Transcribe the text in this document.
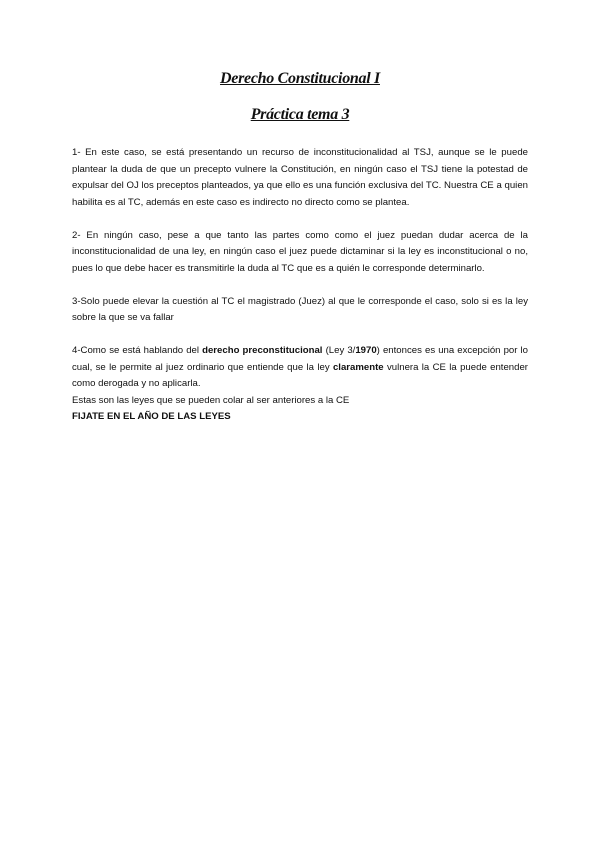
Derecho Constitucional I
Práctica tema 3

1- En este caso, se está presentando un recurso de inconstitucionalidad al TSJ, aunque se le puede plantear la duda de que un precepto vulnere la Constitución, en ningún caso el TSJ tiene la potestad de expulsar del OJ los preceptos planteados, ya que ello es una función exclusiva del TC. Nuestra CE a quien habilita es al TC, además en este caso es indirecto no directo como se plantea.

2- En ningún caso, pese a que tanto las partes como como el juez puedan dudar acerca de la inconstitucionalidad de una ley, en ningún caso el juez puede dictaminar si la ley es inconstitucional o no, pues lo que debe hacer es transmitirle la duda al TC que es a quién le corresponde determinarlo.

3-Solo puede elevar la cuestión al TC el magistrado (Juez) al que le corresponde el caso, solo si es la ley sobre la que se va fallar

4-Como se está hablando del derecho preconstitucional (Ley 3/1970) entonces es una excepción por lo cual, se le permite al juez ordinario que entiende que la ley claramente vulnera la CE la puede entender como derogada y no aplicarla.

Estas son las leyes que se pueden colar al ser anteriores a la CE

FIJATE EN EL AÑO DE LAS LEYES
